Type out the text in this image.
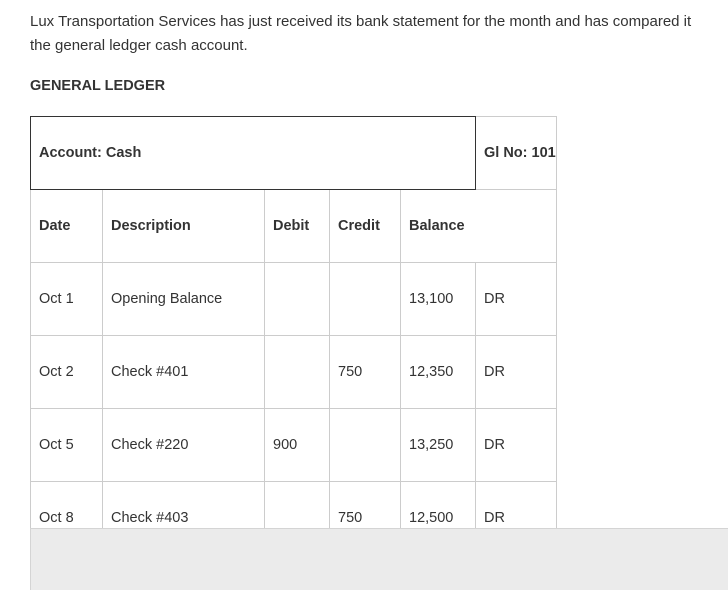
Lux Transportation Services has just received its bank statement for the month and has compared it
the general ledger cash account.
GENERAL LEDGER
Account: Cash					Gl No: 101
Date	Description	Debit	Credit	Balance	
Oct 1	Opening Balance			13,100	DR
Oct 2	Check #401		750	12,350	DR
Oct 5	Check #220	900		13,250	DR
Oct 8	Check #403		750	12,500	DR
